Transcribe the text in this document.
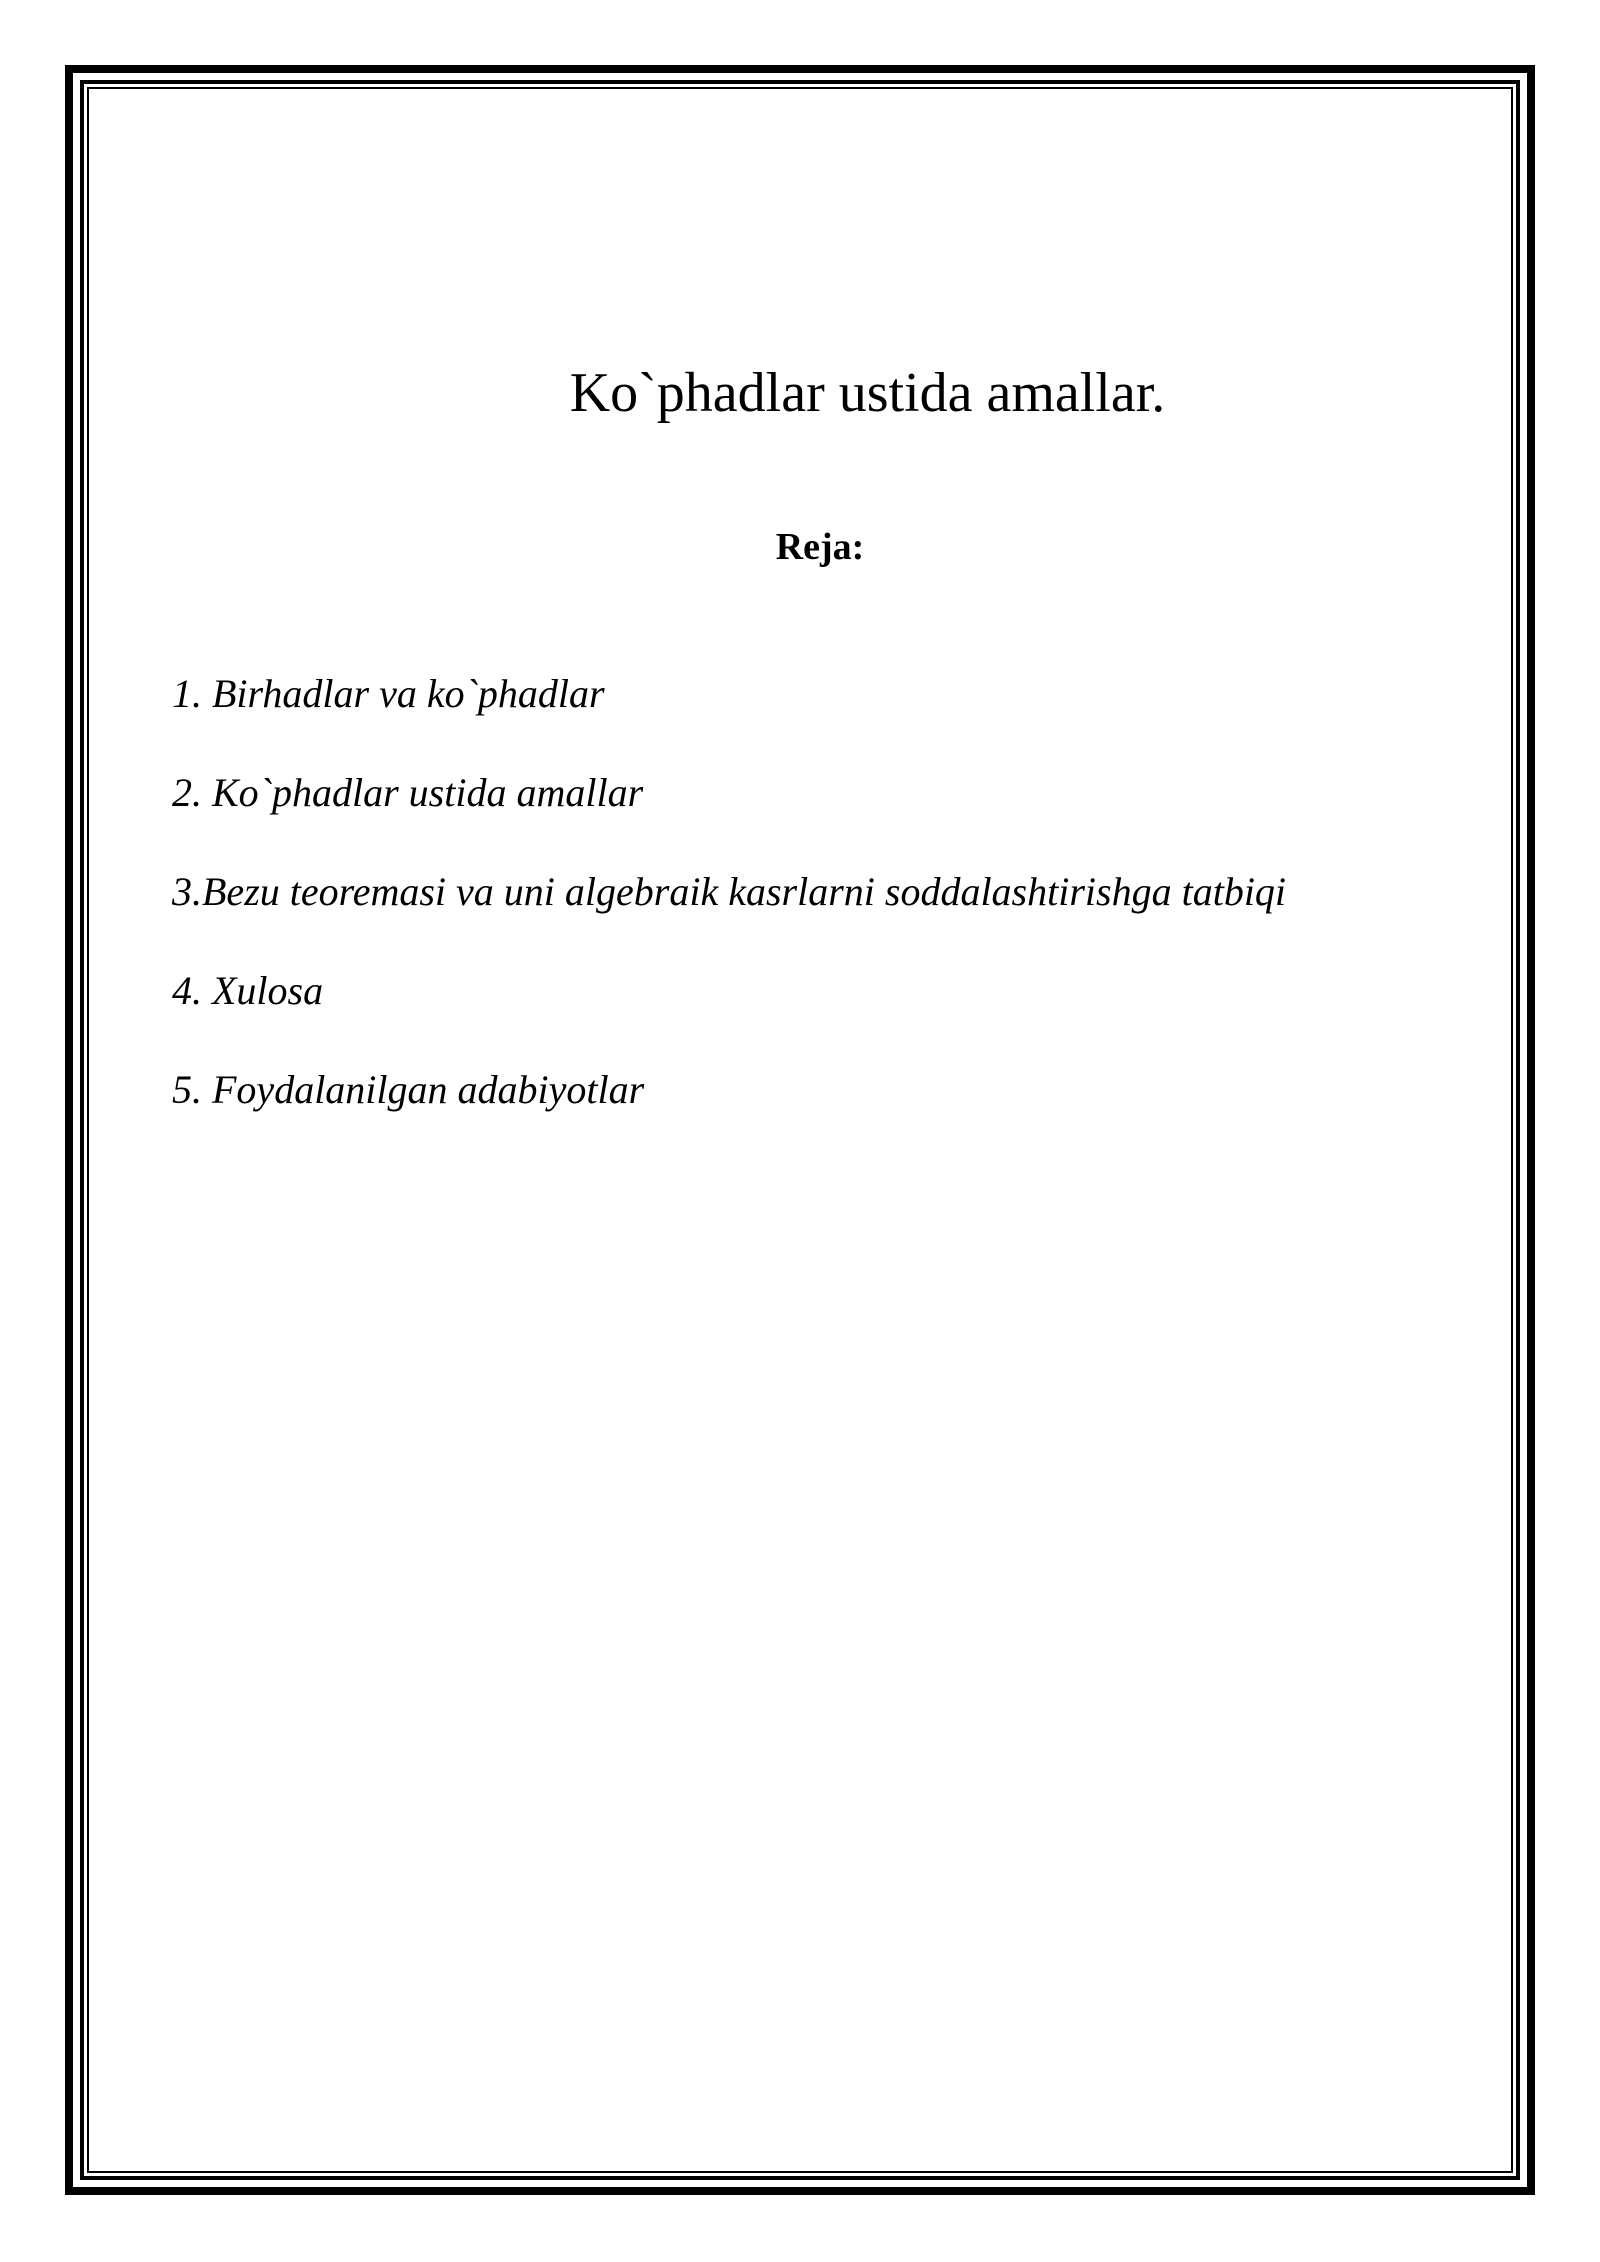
Ko`phadlar ustida amallar.
Reja:
1. Birhadlar va ko`phadlar
2. Ko`phadlar ustida amallar
3.Bezu teoremasi va uni algebraik kasrlarni soddalashtirishga tatbiqi
4. Xulosa
5. Foydalanilgan adabiyotlar
